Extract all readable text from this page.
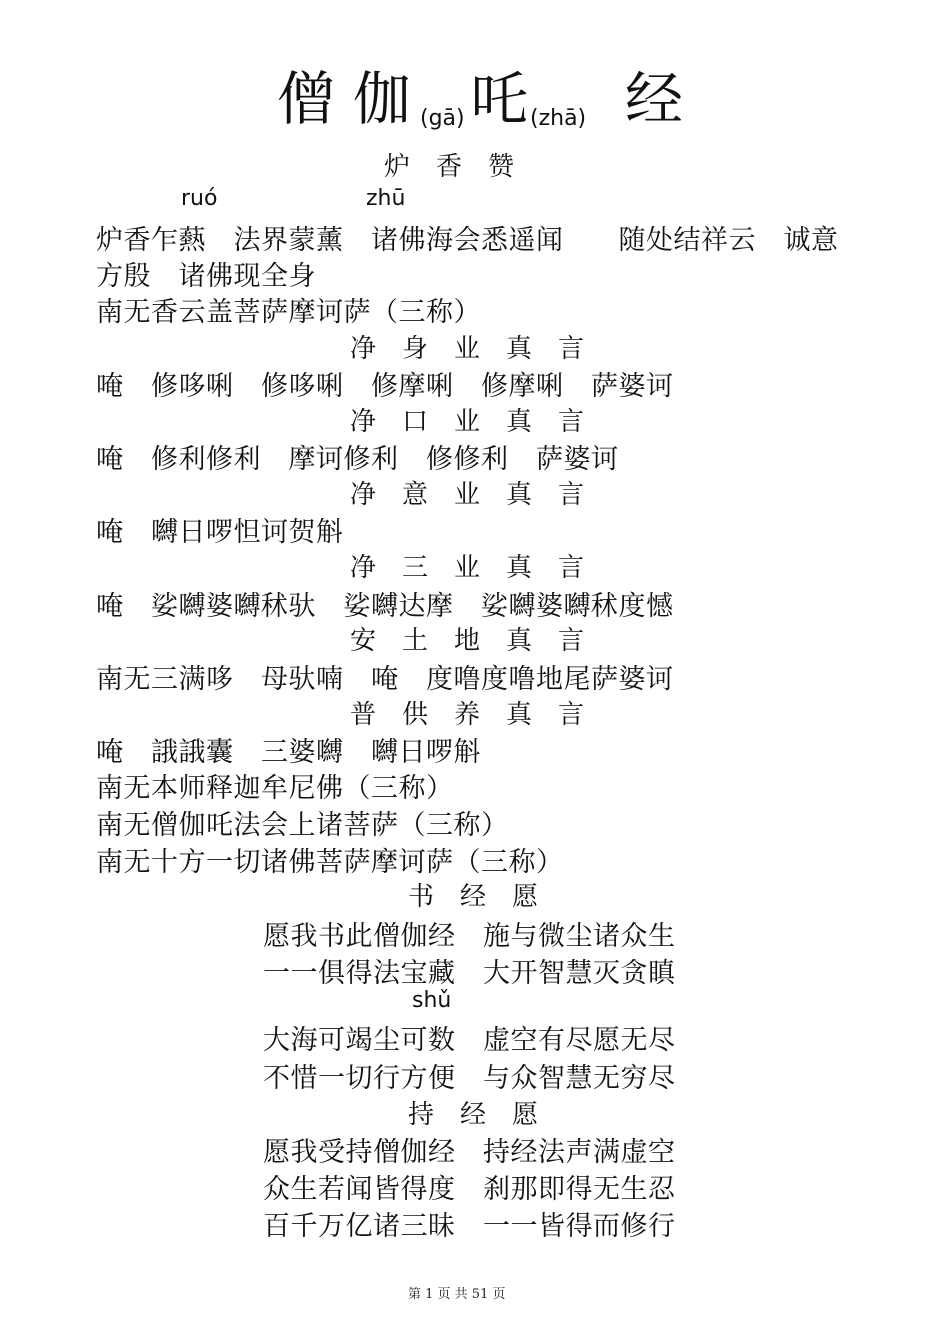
僧 伽 (gā) 吒 (zhā) 经
炉　香　赞
ruó	zhū
炉香乍爇　法界蒙薰　诸佛海会悉遥闻　　随处结祥云　诚意
方殷　诸佛现全身
南无香云盖菩萨摩诃萨（三称）
净　身　业　真　言
唵　修哆唎　修哆唎　修摩唎　修摩唎　萨婆诃
净　口　业　真　言
唵　修利修利　摩诃修利　修修利　萨婆诃
净　意　业　真　言
唵　嚩日啰怛诃贺斛
净　三　业　真　言
唵　娑嚩婆嚩秫驮　娑嚩达摩　娑嚩婆嚩秫度憾
安　土　地　真　言
南无三满哆　母驮喃　唵　度噜度噜地尾萨婆诃
普　供　养　真　言
唵　誐誐囊　三婆嚩　嚩日啰斛
南无本师释迦牟尼佛（三称）
南无僧伽吒法会上诸菩萨（三称）
南无十方一切诸佛菩萨摩诃萨（三称）
书　经　愿
愿我书此僧伽经　施与微尘诸众生
一一俱得法宝藏　大开智慧灭贪瞋
shǔ
大海可竭尘可数　虚空有尽愿无尽
不惜一切行方便　与众智慧无穷尽
持　经　愿
愿我受持僧伽经　持经法声满虚空
众生若闻皆得度　刹那即得无生忍
百千万亿诸三昧　一一皆得而修行
第 1 页 共 51 页
